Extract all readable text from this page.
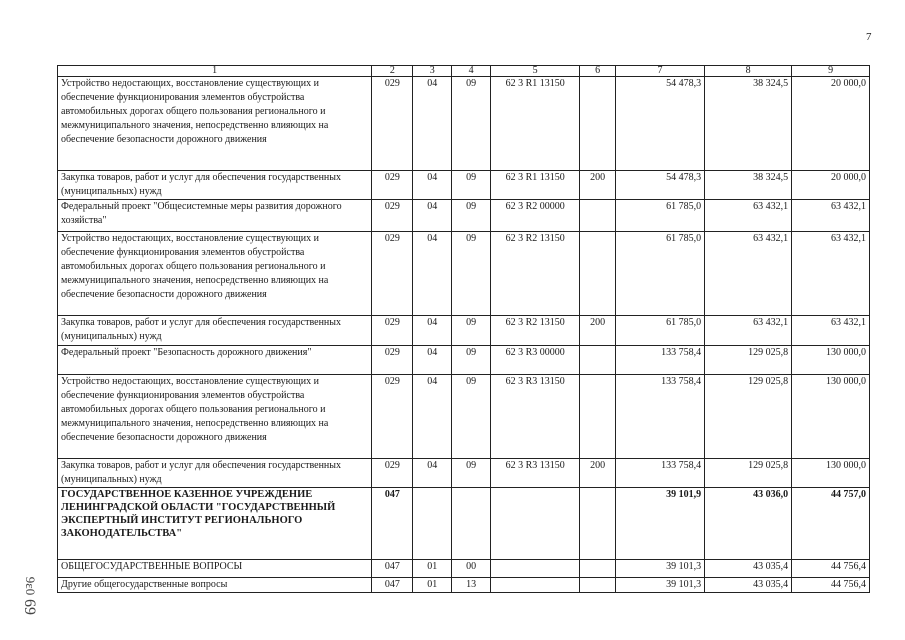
7
9ε0
69
1	2	3	4	5	6	7	8	9
Устройство недостающих, восстановление существующих и обеспечение функционирования элементов обустройства автомобильных дорогах общего пользования регионального и межмуниципального значения, непосредственно влияющих на обеспечение безопасности дорожного движения	029	04	09	62 3 R1 13150		54 478,3	38 324,5	20 000,0
Закупка товаров, работ и услуг для обеспечения государственных (муниципальных) нужд	029	04	09	62 3 R1 13150	200	54 478,3	38 324,5	20 000,0
Федеральный проект "Общесистемные меры развития дорожного хозяйства"	029	04	09	62 3 R2 00000		61 785,0	63 432,1	63 432,1
Устройство недостающих, восстановление существующих и обеспечение функционирования элементов обустройства автомобильных дорогах общего пользования регионального и межмуниципального значения, непосредственно влияющих на обеспечение безопасности дорожного движения	029	04	09	62 3 R2 13150		61 785,0	63 432,1	63 432,1
Закупка товаров, работ и услуг для обеспечения государственных (муниципальных) нужд	029	04	09	62 3 R2 13150	200	61 785,0	63 432,1	63 432,1
Федеральный проект "Безопасность дорожного движения"	029	04	09	62 3 R3 00000		133 758,4	129 025,8	130 000,0
Устройство недостающих, восстановление существующих и обеспечение функционирования элементов обустройства автомобильных дорогах общего пользования регионального и межмуниципального значения, непосредственно влияющих на обеспечение безопасности дорожного движения	029	04	09	62 3 R3 13150		133 758,4	129 025,8	130 000,0
Закупка товаров, работ и услуг для обеспечения государственных (муниципальных) нужд	029	04	09	62 3 R3 13150	200	133 758,4	129 025,8	130 000,0
ГОСУДАРСТВЕННОЕ КАЗЕННОЕ УЧРЕЖДЕНИЕ ЛЕНИНГРАДСКОЙ ОБЛАСТИ "ГОСУДАРСТВЕННЫЙ ЭКСПЕРТНЫЙ ИНСТИТУТ РЕГИОНАЛЬНОГО ЗАКОНОДАТЕЛЬСТВА"	047					39 101,9	43 036,0	44 757,0
ОБЩЕГОСУДАРСТВЕННЫЕ ВОПРОСЫ	047	01	00			39 101,3	43 035,4	44 756,4
Другие общегосударственные вопросы	047	01	13			39 101,3	43 035,4	44 756,4
